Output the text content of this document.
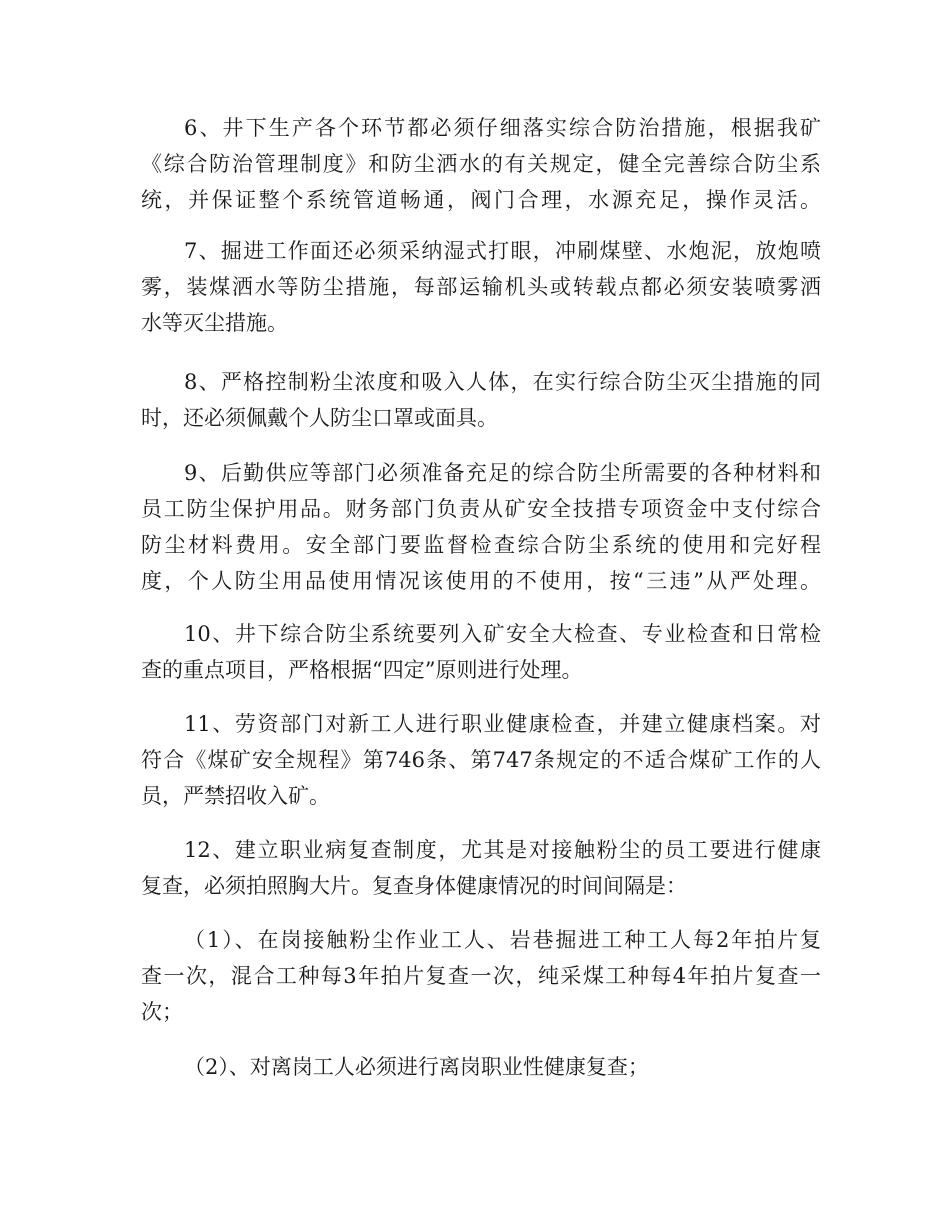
6、井下生产各个环节都必须仔细落实综合防治措施，根据我矿
《综合防治管理制度》和防尘洒水的有关规定，健全完善综合防尘系
统，并保证整个系统管道畅通，阀门合理，水源充足，操作灵活。
7、掘进工作面还必须采纳湿式打眼，冲刷煤壁、水炮泥，放炮喷
雾，装煤洒水等防尘措施，每部运输机头或转载点都必须安装喷雾洒
水等灭尘措施。
8、严格控制粉尘浓度和吸入人体，在实行综合防尘灭尘措施的同
时，还必须佩戴个人防尘口罩或面具。
9、后勤供应等部门必须准备充足的综合防尘所需要的各种材料和
员工防尘保护用品。财务部门负责从矿安全技措专项资金中支付综合
防尘材料费用。安全部门要监督检查综合防尘系统的使用和完好程
度，个人防尘用品使用情况该使用的不使用，按“三违”从严处理。
10、井下综合防尘系统要列入矿安全大检查、专业检查和日常检
查的重点项目，严格根据“四定”原则进行处理。
11、劳资部门对新工人进行职业健康检查，并建立健康档案。对
符合《煤矿安全规程》第746条、第747条规定的不适合煤矿工作的人
员，严禁招收入矿。
12、建立职业病复查制度，尤其是对接触粉尘的员工要进行健康
复查，必须拍照胸大片。复查身体健康情况的时间间隔是：
（1）、在岗接触粉尘作业工人、岩巷掘进工种工人每2年拍片复
查一次，混合工种每3年拍片复查一次，纯采煤工种每4年拍片复查一
次；
（2）、对离岗工人必须进行离岗职业性健康复查；
